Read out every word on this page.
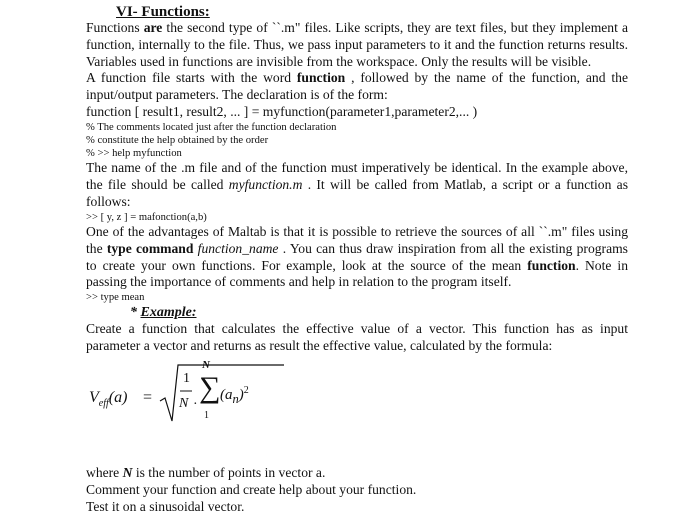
VI- Functions:

Functions are the second type of ``.m" files. Like scripts, they are text files, but they implement a function, internally to the file. Thus, we pass input parameters to it and the function returns results. Variables used in functions are invisible from the workspace. Only the results will be visible.

A function file starts with the word function , followed by the name of the function, and the input/output parameters. The declaration is of the form:

function [ result1, result2, ... ] = myfunction(parameter1,parameter2,... )

% The comments located just after the function declaration

% constitute the help obtained by the order

% >> help myfunction

The name of the .m file and of the function must imperatively be identical. In the example above, the file should be called myfunction.m . It will be called from Matlab, a script or a function as follows:

>> [ y, z ] = mafonction(a,b)

One of the advantages of Maltab is that it is possible to retrieve the sources of all ``.m" files using the type command function_name . You can thus draw inspiration from all the existing programs to create your own functions. For example, look at the source of the mean function. Note in passing the importance of comments and help in relation to the program itself.

>> type mean

* Example:

Create a function that calculates the effective value of a vector. This function has as input parameter a vector and returns as result the effective value, calculated by the formula:

$V_{eff}(a)$ =
1
N ·
N
∑
1
$(a_n)^2$

where N is the number of points in vector a.

Comment your function and create help about your function.

Test it on a sinusoidal vector.
